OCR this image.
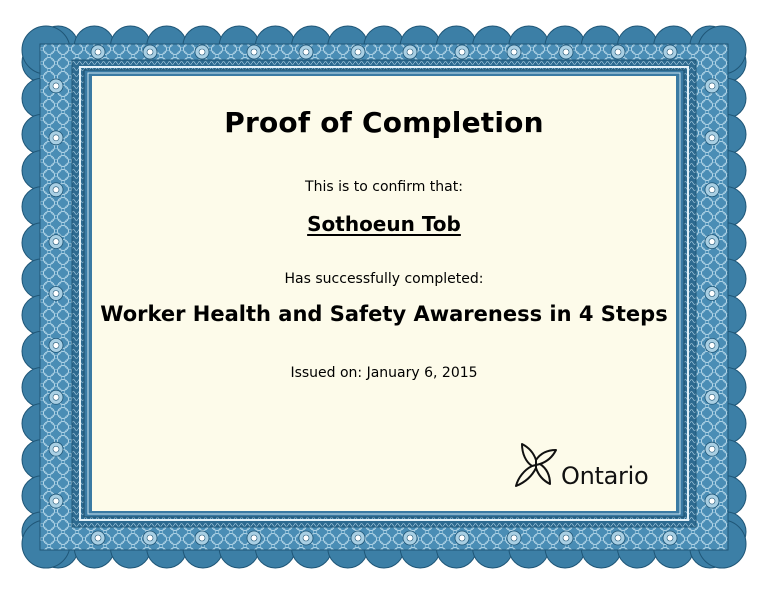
Proof of Completion
This is to confirm that:
Sothoeun Tob
Has successfully completed:
Worker Health and Safety Awareness in 4 Steps
Issued on: January 6, 2015
Ontario
